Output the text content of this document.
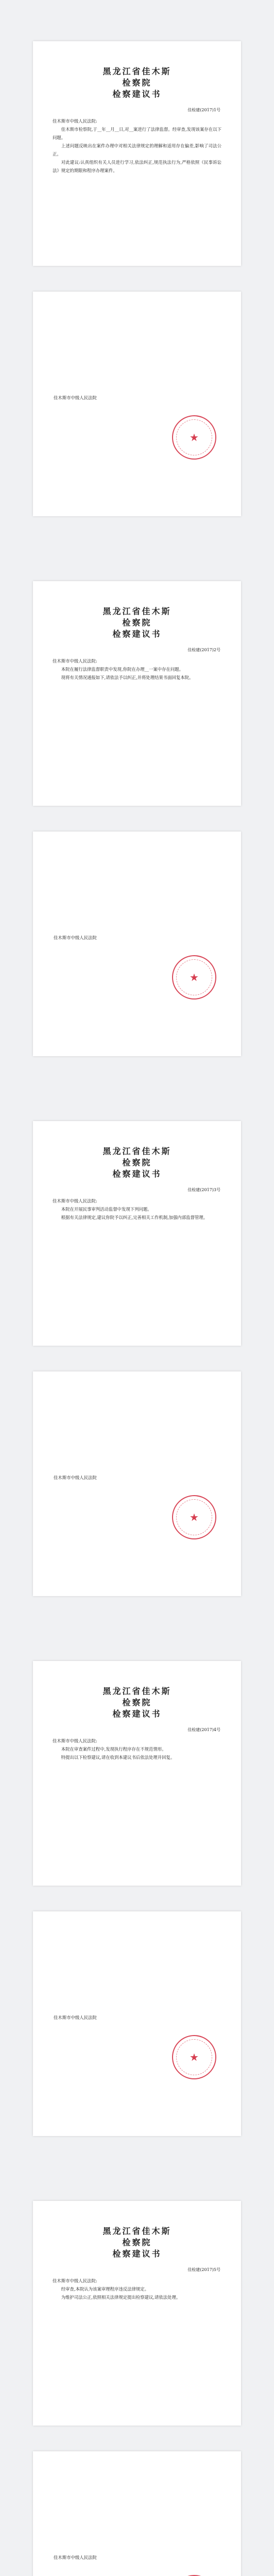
黑龙江省佳木斯
检察院
检察建议书
佳检建(2017)1号

佳木斯市中级人民法院:

佳木斯市检察院,于__年__月__日,对__案进行了法律监督。经审查,发现该案存在以下问题。

上述问题反映出在案件办理中对相关法律规定的理解和适用存在偏差,影响了司法公正。

对此建议:认真组织有关人员进行学习,依法纠正,规范执法行为,严格依照《民事诉讼法》规定的期限和程序办理案件。

佳木斯市中级人民法院
★
黑龙江省佳木斯
检察院
检察建议书
佳检建(2017)2号

佳木斯市中级人民法院:

本院在履行法律监督职责中发现,你院在办理__一案中存在问题。

现将有关情况通报如下,请依法予以纠正,并将处理结果书面回复本院。

佳木斯市中级人民法院
★
黑龙江省佳木斯
检察院
检察建议书
佳检建(2017)3号

佳木斯市中级人民法院:

本院在开展民事审判活动监督中发现下列问题。

根据有关法律规定,建议你院予以纠正,完善相关工作机制,加强内部监督管理。

佳木斯市中级人民法院
★
黑龙江省佳木斯
检察院
检察建议书
佳检建(2017)4号

佳木斯市中级人民法院:

本院在审查案件过程中,发现执行程序存在不规范情形。

特提出以下检察建议,请在收到本建议书后依法处理并回复。

佳木斯市中级人民法院
★
黑龙江省佳木斯
检察院
检察建议书
佳检建(2017)5号

佳木斯市中级人民法院:

经审查,本院认为该案审理程序违反法律规定。

为维护司法公正,依照相关法律规定提出检察建议,请依法处理。

佳木斯市中级人民法院
